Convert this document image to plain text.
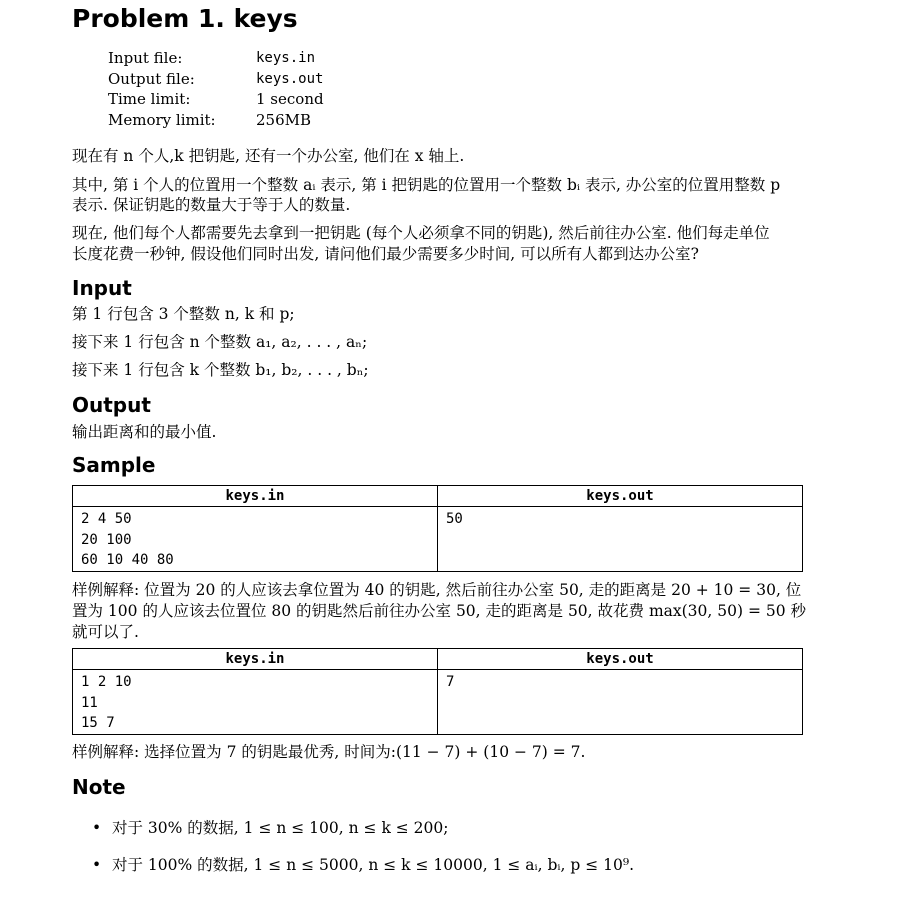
Problem 1. keys
Input file:	keys.in
Output file:	keys.out
Time limit:	1 second
Memory limit:	256MB
现在有 n 个人,k 把钥匙, 还有一个办公室, 他们在 x 轴上.
其中, 第 i 个人的位置用一个整数 aᵢ 表示, 第 i 把钥匙的位置用一个整数 bᵢ 表示, 办公室的位置用整数 p
表示. 保证钥匙的数量大于等于人的数量.
现在, 他们每个人都需要先去拿到一把钥匙 (每个人必须拿不同的钥匙), 然后前往办公室. 他们每走单位
长度花费一秒钟, 假设他们同时出发, 请问他们最少需要多少时间, 可以所有人都到达办公室?
Input
第 1 行包含 3 个整数 n, k 和 p;
接下来 1 行包含 n 个整数 a₁, a₂, . . . , aₙ;
接下来 1 行包含 k 个整数 b₁, b₂, . . . , bₙ;
Output
输出距离和的最小值.
Sample
keys.in	keys.out
2 4 50
20 100
60 10 40 80	50
样例解释: 位置为 20 的人应该去拿位置为 40 的钥匙, 然后前往办公室 50, 走的距离是 20 + 10 = 30, 位
置为 100 的人应该去位置位 80 的钥匙然后前往办公室 50, 走的距离是 50, 故花费 max(30, 50) = 50 秒
就可以了.
keys.in	keys.out
1 2 10
11
15 7	7
样例解释: 选择位置为 7 的钥匙最优秀, 时间为:(11 − 7) + (10 − 7) = 7.
Note
• 对于 30% 的数据, 1 ≤ n ≤ 100, n ≤ k ≤ 200;
• 对于 100% 的数据, 1 ≤ n ≤ 5000, n ≤ k ≤ 10000, 1 ≤ aᵢ, bᵢ, p ≤ 10⁹.
